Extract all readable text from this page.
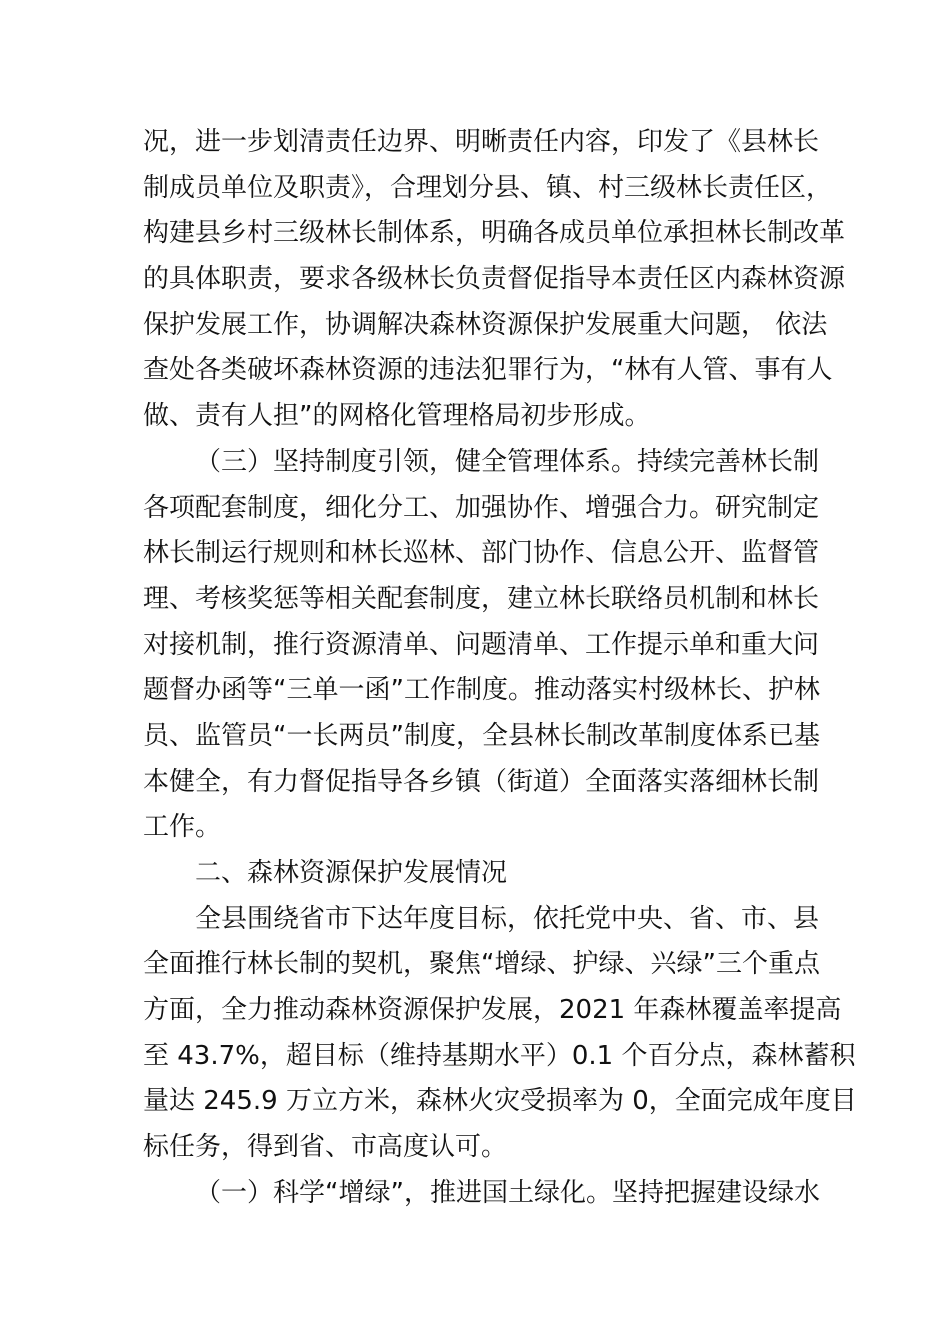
况，进一步划清责任边界、明晰责任内容，印发了《县林长
制成员单位及职责》，合理划分县、镇、村三级林长责任区，
构建县乡村三级林长制体系，明确各成员单位承担林长制改革
的具体职责，要求各级林长负责督促指导本责任区内森林资源
保护发展工作，协调解决森林资源保护发展重大问题， 依法
查处各类破坏森林资源的违法犯罪行为，“林有人管、事有人
做、责有人担”的网格化管理格局初步形成。
（三）坚持制度引领，健全管理体系。持续完善林长制
各项配套制度，细化分工、加强协作、增强合力。研究制定
林长制运行规则和林长巡林、部门协作、信息公开、监督管
理、考核奖惩等相关配套制度，建立林长联络员机制和林长
对接机制，推行资源清单、问题清单、工作提示单和重大问
题督办函等“三单一函”工作制度。推动落实村级林长、护林
员、监管员“一长两员”制度，全县林长制改革制度体系已基
本健全，有力督促指导各乡镇（街道）全面落实落细林长制
工作。
二、森林资源保护发展情况
全县围绕省市下达年度目标，依托党中央、省、市、县
全面推行林长制的契机，聚焦“增绿、护绿、兴绿”三个重点
方面，全力推动森林资源保护发展，2021 年森林覆盖率提高
至 43.7%，超目标（维持基期水平）0.1 个百分点，森林蓄积
量达 245.9 万立方米，森林火灾受损率为 0，全面完成年度目
标任务，得到省、市高度认可。
（一）科学“增绿”，推进国土绿化。坚持把握建设绿水
